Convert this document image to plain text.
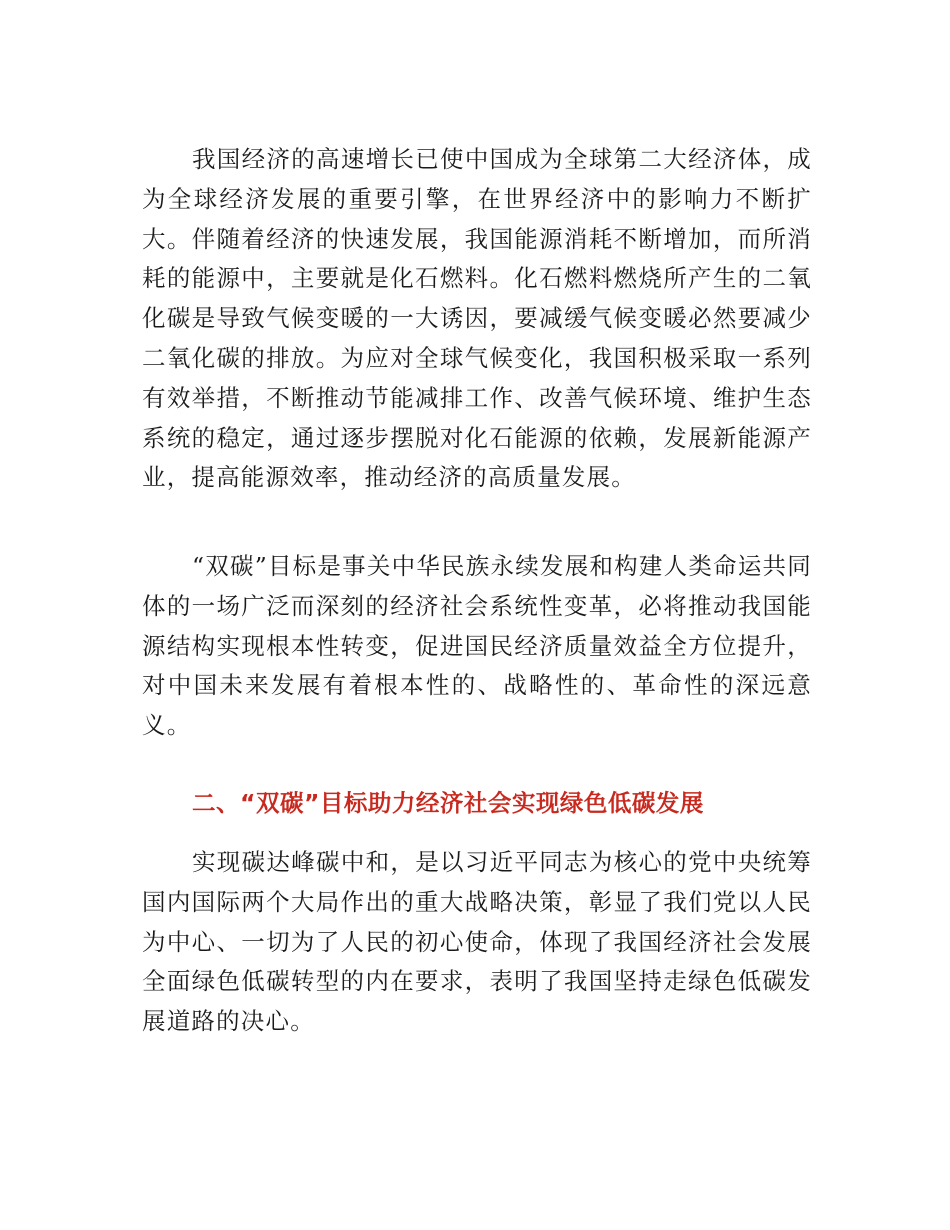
我国经济的高速增长已使中国成为全球第二大经济体，成为全球经济发展的重要引擎，在世界经济中的影响力不断扩大。伴随着经济的快速发展，我国能源消耗不断增加，而所消耗的能源中，主要就是化石燃料。化石燃料燃烧所产生的二氧化碳是导致气候变暖的一大诱因，要减缓气候变暖必然要减少二氧化碳的排放。为应对全球气候变化，我国积极采取一系列有效举措，不断推动节能减排工作、改善气候环境、维护生态系统的稳定，通过逐步摆脱对化石能源的依赖，发展新能源产业，提高能源效率，推动经济的高质量发展。

“双碳”目标是事关中华民族永续发展和构建人类命运共同体的一场广泛而深刻的经济社会系统性变革，必将推动我国能源结构实现根本性转变，促进国民经济质量效益全方位提升，对中国未来发展有着根本性的、战略性的、革命性的深远意义。

二、“双碳”目标助力经济社会实现绿色低碳发展

实现碳达峰碳中和，是以习近平同志为核心的党中央统筹国内国际两个大局作出的重大战略决策，彰显了我们党以人民为中心、一切为了人民的初心使命，体现了我国经济社会发展全面绿色低碳转型的内在要求，表明了我国坚持走绿色低碳发展道路的决心。
